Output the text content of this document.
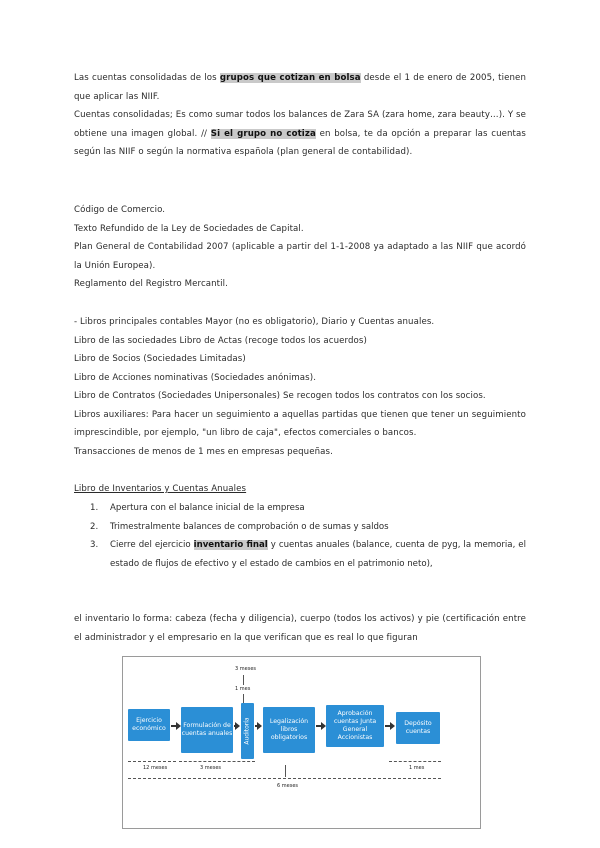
Las cuentas consolidadas de los grupos que cotizan en bolsa desde el 1 de enero de 2005, tienen que aplicar las NIIF.
Cuentas consolidadas; Es como sumar todos los balances de Zara SA (zara home, zara beauty…). Y se obtiene una imagen global. // Si el grupo no cotiza en bolsa, te da opción a preparar las cuentas según las NIIF o según la normativa española (plan general de contabilidad).
Código de Comercio.
Texto Refundido de la Ley de Sociedades de Capital.
Plan General de Contabilidad 2007 (aplicable a partir del 1-1-2008 ya adaptado a las NIIF que acordó la Unión Europea).
Reglamento del Registro Mercantil.
- Libros principales contables Mayor (no es obligatorio), Diario y Cuentas anuales.
Libro de las sociedades Libro de Actas (recoge todos los acuerdos)
Libro de Socios (Sociedades Limitadas)
Libro de Acciones nominativas (Sociedades anónimas).
Libro de Contratos (Sociedades Unipersonales) Se recogen todos los contratos con los socios.
Libros auxiliares: Para hacer un seguimiento a aquellas partidas que tienen que tener un seguimiento imprescindible, por ejemplo, "un libro de caja", efectos comerciales o bancos.
Transacciones de menos de 1 mes en empresas pequeñas.
Libro de Inventarios y Cuentas Anuales
1. Apertura con el balance inicial de la empresa
2. Trimestralmente balances de comprobación o de sumas y saldos
3. Cierre del ejercicio inventario final y cuentas anuales (balance, cuenta de pyg, la memoria, el estado de flujos de efectivo y el estado de cambios en el patrimonio neto),
el inventario lo forma: cabeza (fecha y diligencia), cuerpo (todos los activos) y pie (certificación entre el administrador y el empresario en la que verifican que es real lo que figuran
3 meses
1 mes
Ejercicio económico	Formulación de cuentas anuales Auditoría	Legalización libros obligatorios
Aprobación cuentas Junta General Accionistas
Depósito cuentas
12 meses	3 meses	1 mes
6 meses
